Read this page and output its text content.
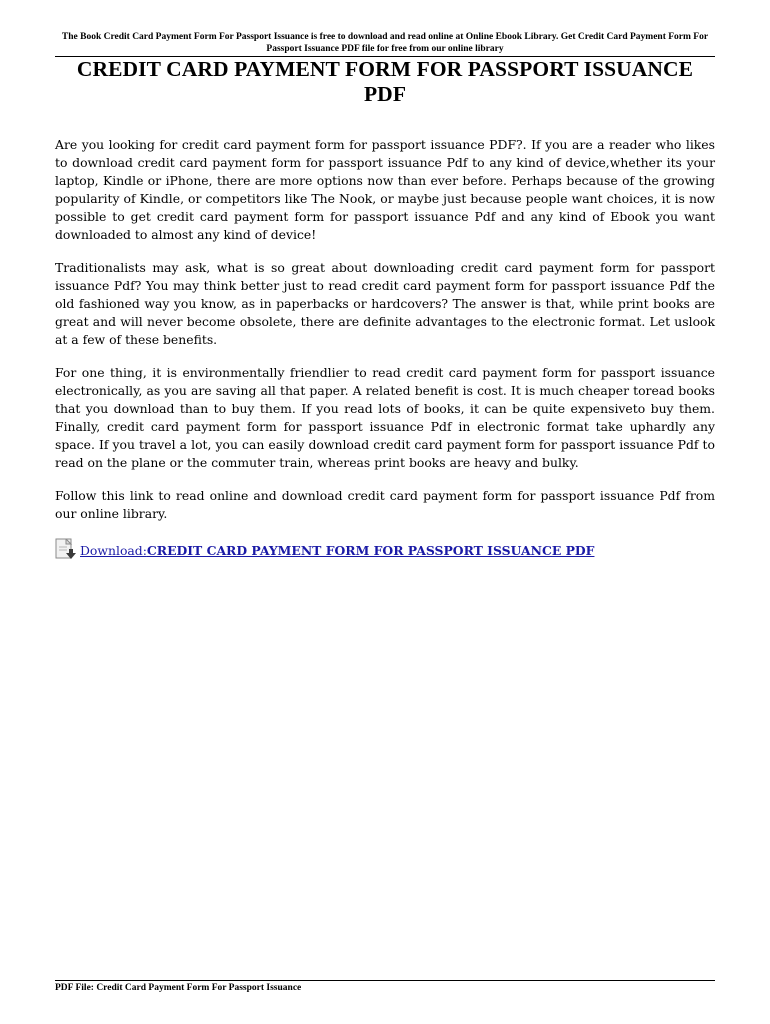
The Book Credit Card Payment Form For Passport Issuance is free to download and read online at Online Ebook Library. Get Credit Card Payment Form For Passport Issuance PDF file for free from our online library
CREDIT CARD PAYMENT FORM FOR PASSPORT ISSUANCE PDF

Are you looking for credit card payment form for passport issuance PDF?. If you are a reader who likes to download credit card payment form for passport issuance Pdf to any kind of device,whether its your laptop, Kindle or iPhone, there are more options now than ever before. Perhaps because of the growing popularity of Kindle, or competitors like The Nook, or maybe just because people want choices, it is now possible to get credit card payment form for passport issuance Pdf and any kind of Ebook you want downloaded to almost any kind of device!

Traditionalists may ask, what is so great about downloading credit card payment form for passport issuance Pdf? You may think better just to read credit card payment form for passport issuance Pdf the old fashioned way you know, as in paperbacks or hardcovers? The answer is that, while print books are great and will never become obsolete, there are definite advantages to the electronic format. Let uslook at a few of these benefits.

For one thing, it is environmentally friendlier to read credit card payment form for passport issuance electronically, as you are saving all that paper. A related benefit is cost. It is much cheaper toread books that you download than to buy them. If you read lots of books, it can be quite expensiveto buy them. Finally, credit card payment form for passport issuance Pdf in electronic format take uphardly any space. If you travel a lot, you can easily download credit card payment form for passport issuance Pdf to read on the plane or the commuter train, whereas print books are heavy and bulky.

Follow this link to read online and download credit card payment form for passport issuance Pdf from our online library.

Download: CREDIT CARD PAYMENT FORM FOR PASSPORT ISSUANCE PDF
PDF File: Credit Card Payment Form For Passport Issuance
